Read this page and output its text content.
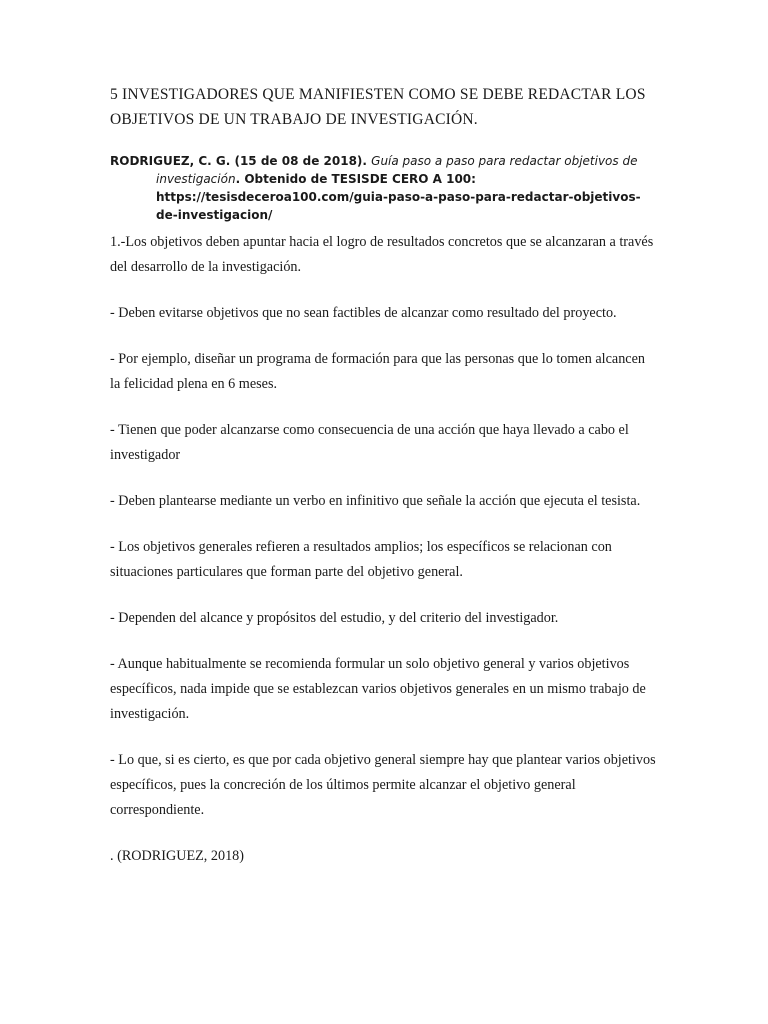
5 INVESTIGADORES QUE MANIFIESTEN COMO SE DEBE REDACTAR LOS OBJETIVOS DE UN TRABAJO DE INVESTIGACIÓN.

RODRIGUEZ, C. G. (15 de 08 de 2018). Guía paso a paso para redactar objetivos de investigación. Obtenido de TESISDE CERO A 100: https://tesisdeceroa100.com/guia-paso-a-paso-para-redactar-objetivos-de-investigacion/

1.-Los objetivos deben apuntar hacia el logro de resultados concretos que se alcanzaran a través del desarrollo de la investigación.

- Deben evitarse objetivos que no sean factibles de alcanzar como resultado del proyecto.

- Por ejemplo, diseñar un programa de formación para que las personas que lo tomen alcancen la felicidad plena en 6 meses.

- Tienen que poder alcanzarse como consecuencia de una acción que haya llevado a cabo el investigador

- Deben plantearse mediante un verbo en infinitivo que señale la acción que ejecuta el tesista.

- Los objetivos generales refieren a resultados amplios; los específicos se relacionan con situaciones particulares que forman parte del objetivo general.

- Dependen del alcance y propósitos del estudio, y del criterio del investigador.

- Aunque habitualmente se recomienda formular un solo objetivo general y varios objetivos específicos, nada impide que se establezcan varios objetivos generales en un mismo trabajo de investigación.

- Lo que, si es cierto, es que por cada objetivo general siempre hay que plantear varios objetivos específicos, pues la concreción de los últimos permite alcanzar el objetivo general correspondiente.

. (RODRIGUEZ, 2018)
